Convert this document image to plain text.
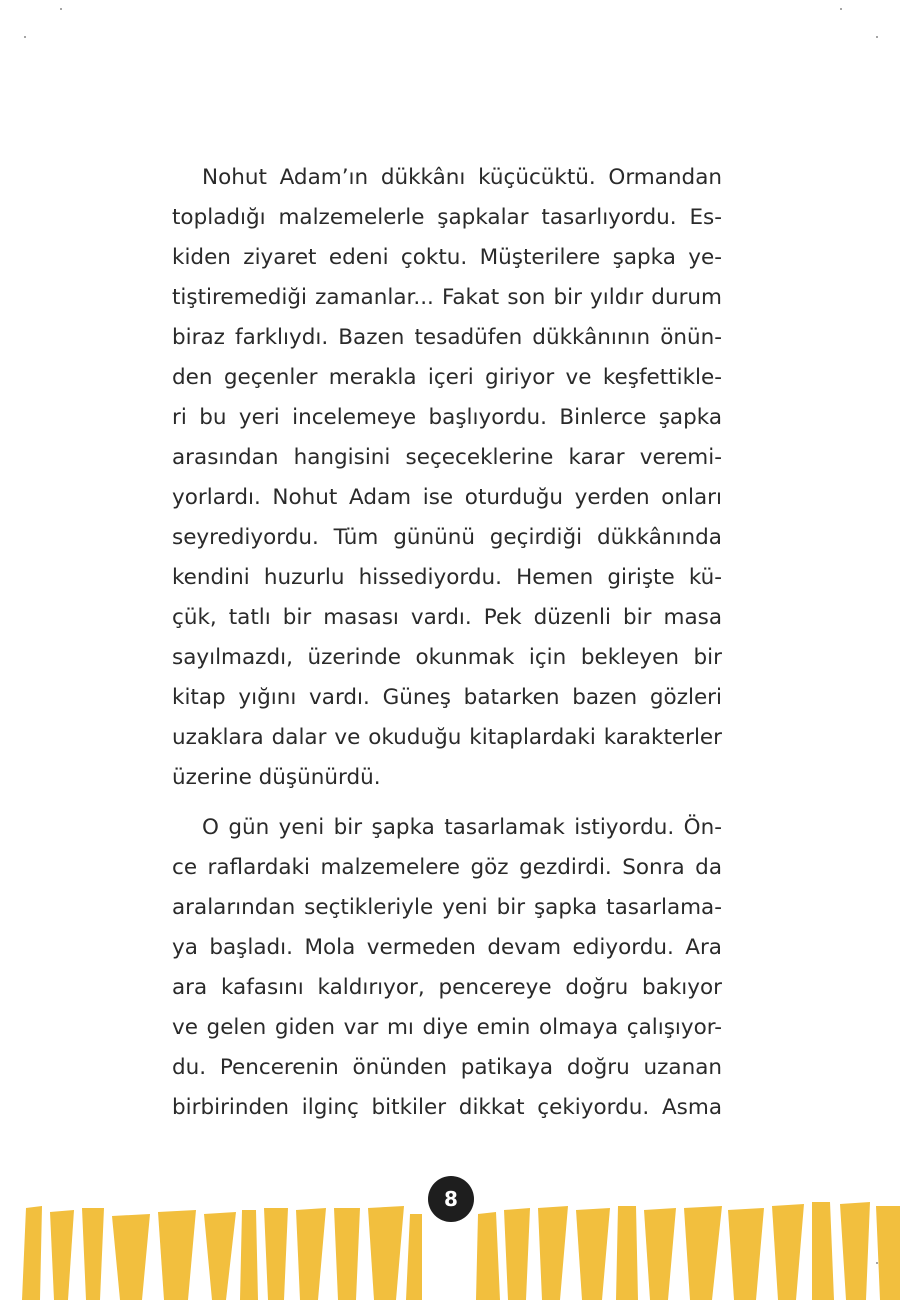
Nohut Adam’ın dükkânı küçücüktü. Ormandan
topladığı malzemelerle şapkalar tasarlıyordu. Es-
kiden ziyaret edeni çoktu. Müşterilere şapka ye-
tiştiremediği zamanlar... Fakat son bir yıldır durum
biraz farklıydı. Bazen tesadüfen dükkânının önün-
den geçenler merakla içeri giriyor ve keşfettikle-
ri bu yeri incelemeye başlıyordu. Binlerce şapka
arasından hangisini seçeceklerine karar veremi-
yorlardı. Nohut Adam ise oturduğu yerden onları
seyrediyordu. Tüm gününü geçirdiği dükkânında
kendini huzurlu hissediyordu. Hemen girişte kü-
çük, tatlı bir masası vardı. Pek düzenli bir masa
sayılmazdı, üzerinde okunmak için bekleyen bir
kitap yığını vardı. Güneş batarken bazen gözleri
uzaklara dalar ve okuduğu kitaplardaki karakterler
üzerine düşünürdü.
O gün yeni bir şapka tasarlamak istiyordu. Ön-
ce raflardaki malzemelere göz gezdirdi. Sonra da
aralarından seçtikleriyle yeni bir şapka tasarlama-
ya başladı. Mola vermeden devam ediyordu. Ara
ara kafasını kaldırıyor, pencereye doğru bakıyor
ve gelen giden var mı diye emin olmaya çalışıyor-
du. Pencerenin önünden patikaya doğru uzanan
birbirinden ilginç bitkiler dikkat çekiyordu. Asma
8
